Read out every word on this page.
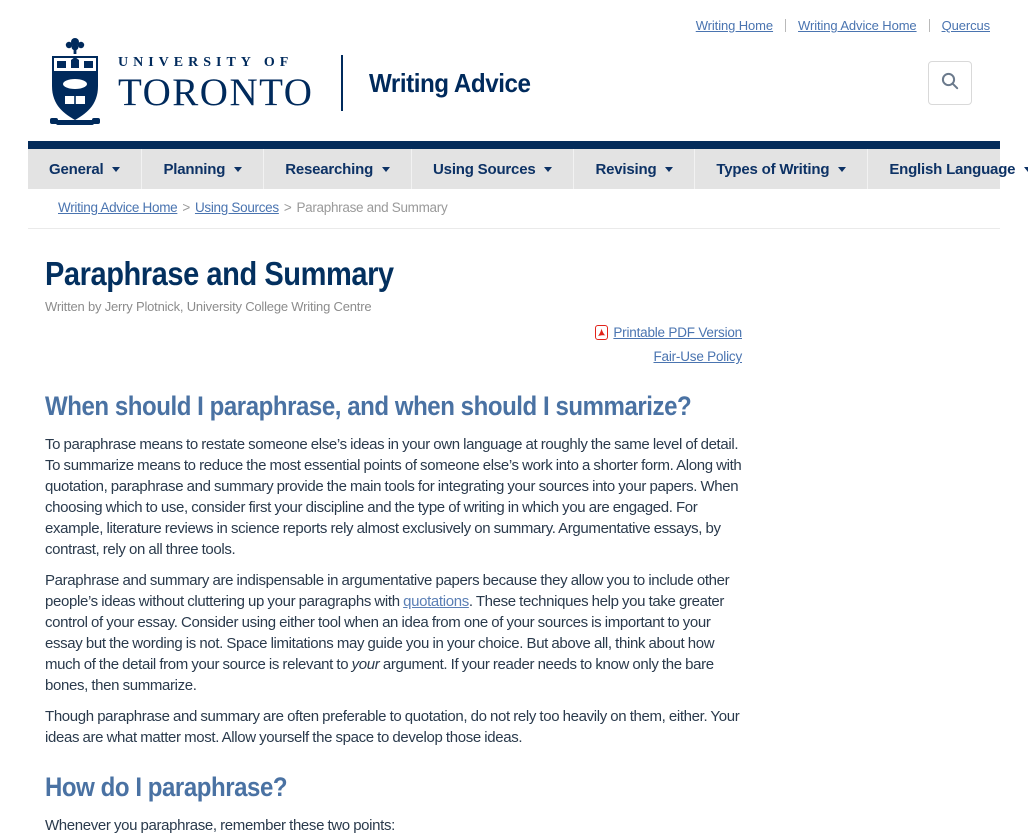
Writing Home Writing Advice Home Quercus
UNIVERSITY OF
TORONTO Writing Advice
General	Planning	Researching	Using Sources	Revising	Types of Writing	English Language
Writing Advice Home > Using Sources > Paraphrase and Summary
Paraphrase and Summary
Written by Jerry Plotnick, University College Writing Centre
Printable PDF Version
Fair-Use Policy
When should I paraphrase, and when should I summarize?

To paraphrase means to restate someone else’s ideas in your own language at roughly the same level of detail. To summarize means to reduce the most essential points of someone else’s work into a shorter form. Along with quotation, paraphrase and summary provide the main tools for integrating your sources into your papers. When choosing which to use, consider first your discipline and the type of writing in which you are engaged. For example, literature reviews in science reports rely almost exclusively on summary. Argumentative essays, by contrast, rely on all three tools.

Paraphrase and summary are indispensable in argumentative papers because they allow you to include other people’s ideas without cluttering up your paragraphs with quotations. These techniques help you take greater control of your essay. Consider using either tool when an idea from one of your sources is important to your essay but the wording is not. Space limitations may guide you in your choice. But above all, think about how much of the detail from your source is relevant to your argument. If your reader needs to know only the bare bones, then summarize.

Though paraphrase and summary are often preferable to quotation, do not rely too heavily on them, either. Your ideas are what matter most. Allow yourself the space to develop those ideas.

How do I paraphrase?

Whenever you paraphrase, remember these two points:
